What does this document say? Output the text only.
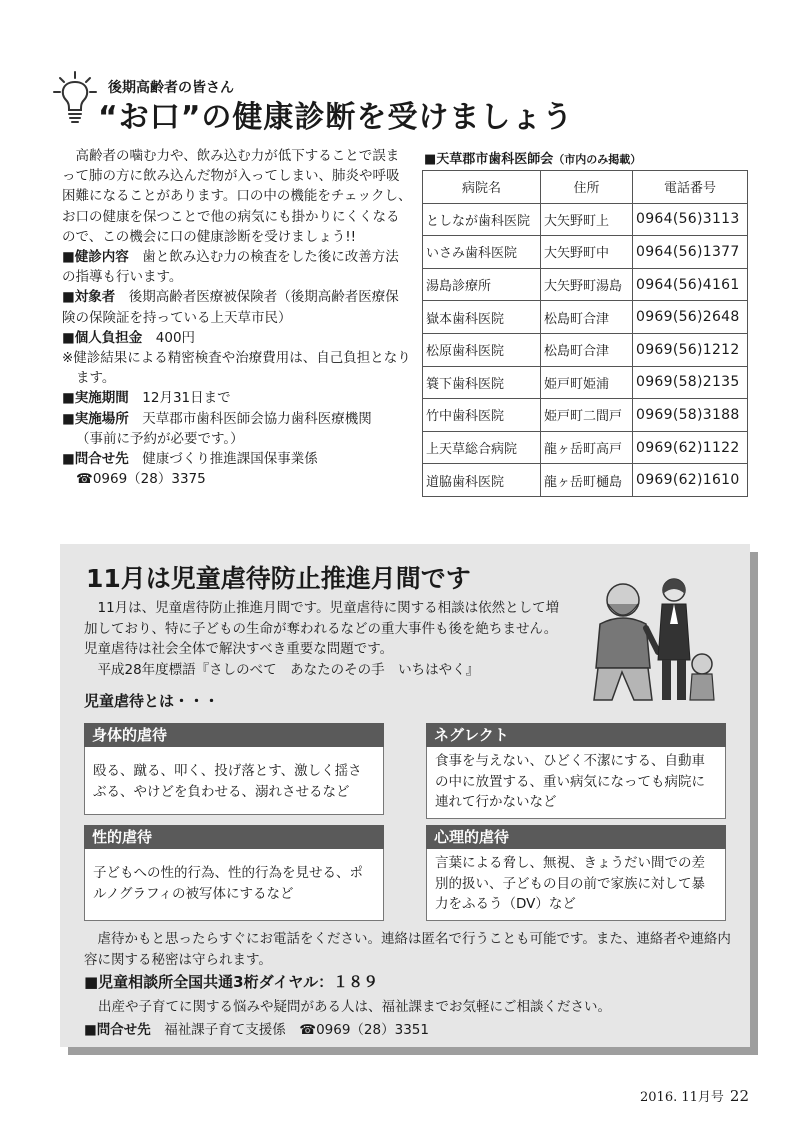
後期高齢者の皆さん
“お口”の健康診断を受けましょう

高齢者の噛む力や、飲み込む力が低下することで誤まって肺の方に飲み込んだ物が入ってしまい、肺炎や呼吸困難になることがあります。口の中の機能をチェックし、お口の健康を保つことで他の病気にも掛かりにくくなるので、この機会に口の健康診断を受けましょう!!

■健診内容　 歯と飲み込む力の検査をした後に改善方法の指導も行います。

■対象者　 後期高齢者医療被保険者（後期高齢者医療保険の保険証を持っている上天草市民）

■個人負担金　 400円

※健診結果による精密検査や治療費用は、自己負担となります。

■実施期間　 12月31日まで

■実施場所　 天草郡市歯科医師会協力歯科医療機関

（事前に予約が必要です。）

■問合せ先　 健康づくり推進課国保事業係

☎0969（28）3375

■天草郡市歯科医師会（市内のみ掲載）
病院名	住所	電話番号
としなが歯科医院	大矢野町上	0964(56)3113
いさみ歯科医院	大矢野町中	0964(56)1377
湯島診療所	大矢野町湯島	0964(56)4161
嶽本歯科医院	松島町合津	0969(56)2648
松原歯科医院	松島町合津	0969(56)1212
簑下歯科医院	姫戸町姫浦	0969(58)2135
竹中歯科医院	姫戸町二間戸	0969(58)3188
上天草総合病院	龍ヶ岳町高戸	0969(62)1122
道脇歯科医院	龍ヶ岳町樋島	0969(62)1610
11月は児童虐待防止推進月間です

11月は、児童虐待防止推進月間です。児童虐待に関する相談は依然として増加しており、特に子どもの生命が奪われるなどの重大事件も後を絶ちません。児童虐待は社会全体で解決すべき重要な問題です。

平成28年度標語『さしのべて　あなたのその手　いちはやく』

児童虐待とは・・・
身体的虐待
殴る、蹴る、叩く、投げ落とす、激しく揺さぶる、やけどを負わせる、溺れさせるなど
ネグレクト
食事を与えない、ひどく不潔にする、自動車の中に放置する、重い病気になっても病院に連れて行かないなど
性的虐待
子どもへの性的行為、性的行為を見せる、ポルノグラフィの被写体にするなど
心理的虐待
言葉による脅し、無視、きょうだい間での差別的扱い、子どもの目の前で家族に対して暴力をふるう（DV）など

虐待かもと思ったらすぐにお電話をください。連絡は匿名で行うことも可能です。また、連絡者や連絡内容に関する秘密は守られます。

■児童相談所全国共通3桁ダイヤル：１８９
出産や子育てに関する悩みや疑問がある人は、福祉課までお気軽にご相談ください。
■問合せ先　 福祉課子育て支援係　☎0969（28）3351
2016. 11月号 22
